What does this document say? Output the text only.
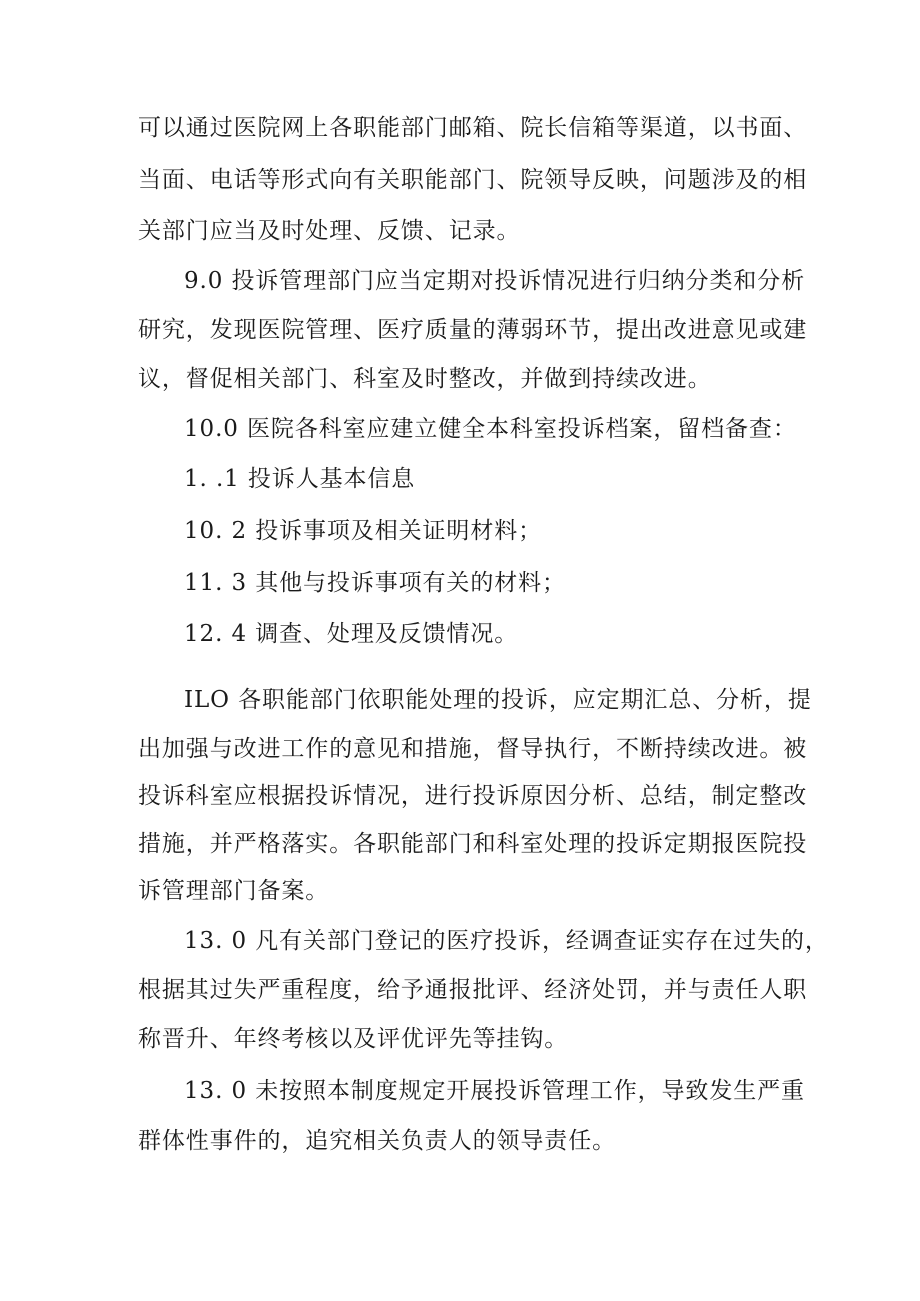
可以通过医院网上各职能部门邮箱、院长信箱等渠道，以书面、
当面、电话等形式向有关职能部门、院领导反映，问题涉及的相
关部门应当及时处理、反馈、记录。
9.0 投诉管理部门应当定期对投诉情况进行归纳分类和分析
研究，发现医院管理、医疗质量的薄弱环节，提出改进意见或建
议，督促相关部门、科室及时整改，并做到持续改进。
10.0 医院各科室应建立健全本科室投诉档案，留档备查：
1. .1 投诉人基本信息
10. 2 投诉事项及相关证明材料；
11. 3 其他与投诉事项有关的材料；
12. 4 调查、处理及反馈情况。
ILO 各职能部门依职能处理的投诉，应定期汇总、分析，提
出加强与改进工作的意见和措施，督导执行，不断持续改进。被
投诉科室应根据投诉情况，进行投诉原因分析、总结，制定整改
措施，并严格落实。各职能部门和科室处理的投诉定期报医院投
诉管理部门备案。
13. 0 凡有关部门登记的医疗投诉，经调查证实存在过失的，
根据其过失严重程度，给予通报批评、经济处罚，并与责任人职
称晋升、年终考核以及评优评先等挂钩。
13. 0 未按照本制度规定开展投诉管理工作，导致发生严重
群体性事件的，追究相关负责人的领导责任。
